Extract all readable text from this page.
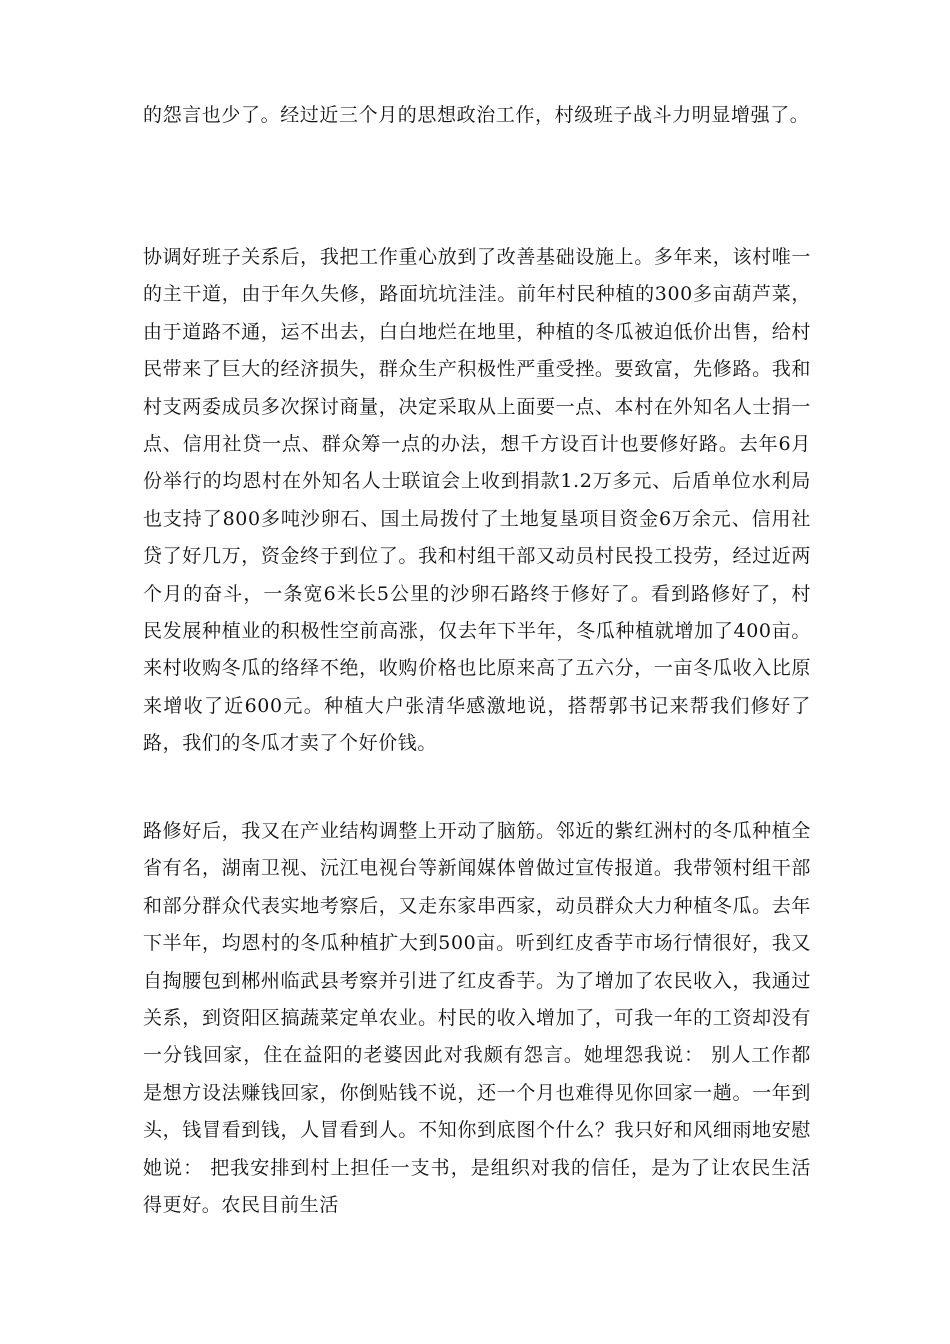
的怨言也少了。经过近三个月的思想政治工作，村级班子战斗力明显增强了。

协调好班子关系后，我把工作重心放到了改善基础设施上。多年来，该村唯一的主干道，由于年久失修，路面坑坑洼洼。前年村民种植的300多亩葫芦菜，由于道路不通，运不出去，白白地烂在地里，种植的冬瓜被迫低价出售，给村民带来了巨大的经济损失，群众生产积极性严重受挫。要致富，先修路。我和村支两委成员多次探讨商量，决定采取从上面要一点、本村在外知名人士捐一点、信用社贷一点、群众筹一点的办法，想千方设百计也要修好路。去年6月份举行的均恩村在外知名人士联谊会上收到捐款1.2万多元、后盾单位水利局也支持了800多吨沙卵石、国土局拨付了土地复垦项目资金6万余元、信用社贷了好几万，资金终于到位了。我和村组干部又动员村民投工投劳，经过近两个月的奋斗，一条宽6米长5公里的沙卵石路终于修好了。看到路修好了，村民发展种植业的积极性空前高涨，仅去年下半年，冬瓜种植就增加了400亩。来村收购冬瓜的络绎不绝，收购价格也比原来高了五六分，一亩冬瓜收入比原来增收了近600元。种植大户张清华感激地说，搭帮郭书记来帮我们修好了路，我们的冬瓜才卖了个好价钱。

路修好后，我又在产业结构调整上开动了脑筋。邻近的紫红洲村的冬瓜种植全省有名，湖南卫视、沅江电视台等新闻媒体曾做过宣传报道。我带领村组干部和部分群众代表实地考察后，又走东家串西家，动员群众大力种植冬瓜。去年下半年，均恩村的冬瓜种植扩大到500亩。听到红皮香芋市场行情很好，我又自掏腰包到郴州临武县考察并引进了红皮香芋。为了增加了农民收入，我通过关系，到资阳区搞蔬菜定单农业。村民的收入增加了，可我一年的工资却没有一分钱回家，住在益阳的老婆因此对我颇有怨言。她埋怨我说： 别人工作都是想方设法赚钱回家，你倒贴钱不说，还一个月也难得见你回家一趟。一年到头，钱冒看到钱，人冒看到人。不知你到底图个什么？我只好和风细雨地安慰她说： 把我安排到村上担任一支书，是组织对我的信任，是为了让农民生活得更好。农民目前生活
